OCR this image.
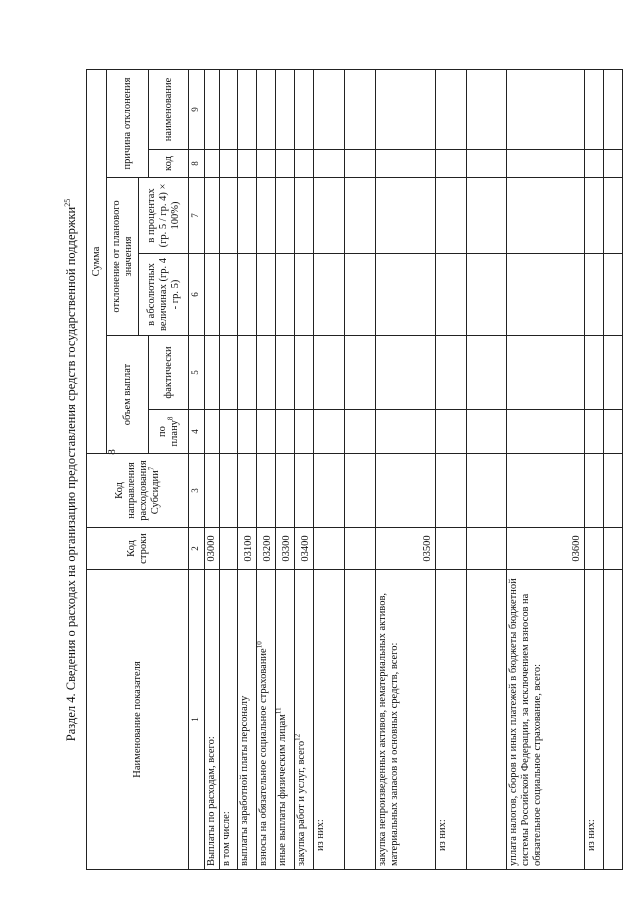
8
Раздел 4. Сведения о расходах на организацию предоставления средств государственной поддержки$^{25}$
Наименование показателя	Код строки	Код направления расходования Субсидии$^7$	Сумма					
			объем выплат		отклонение от планового значения		причина отклонения	
					в абсолютных величинах (гр. 4 - гр. 5)	в процентах (гр. 5 / гр. 4) × 100%)		
			по плану$^8$	фактически			код	наименование
1	2	3	4	5	6	7	8	9
Выплаты по расходам, всего:	03000							
в том числе:								
выплаты заработной платы персоналу	03100							
взносы на обязательное социальное страхование$^{10}$	03200							
иные выплаты физическим лицам$^{11}$	03300							
закупка работ и услуг, всего$^{12}$	03400							
из них:								

закупка непроизведенных активов, нематериальных активов, материальных запасов и основных средств, всего:	03500							
из них:								

уплата налогов, сборов и иных платежей в бюджеты бюджетной системы Российской Федерации, за исключением взносов на обязательное социальное страхование, всего:	03600							
из них:								
